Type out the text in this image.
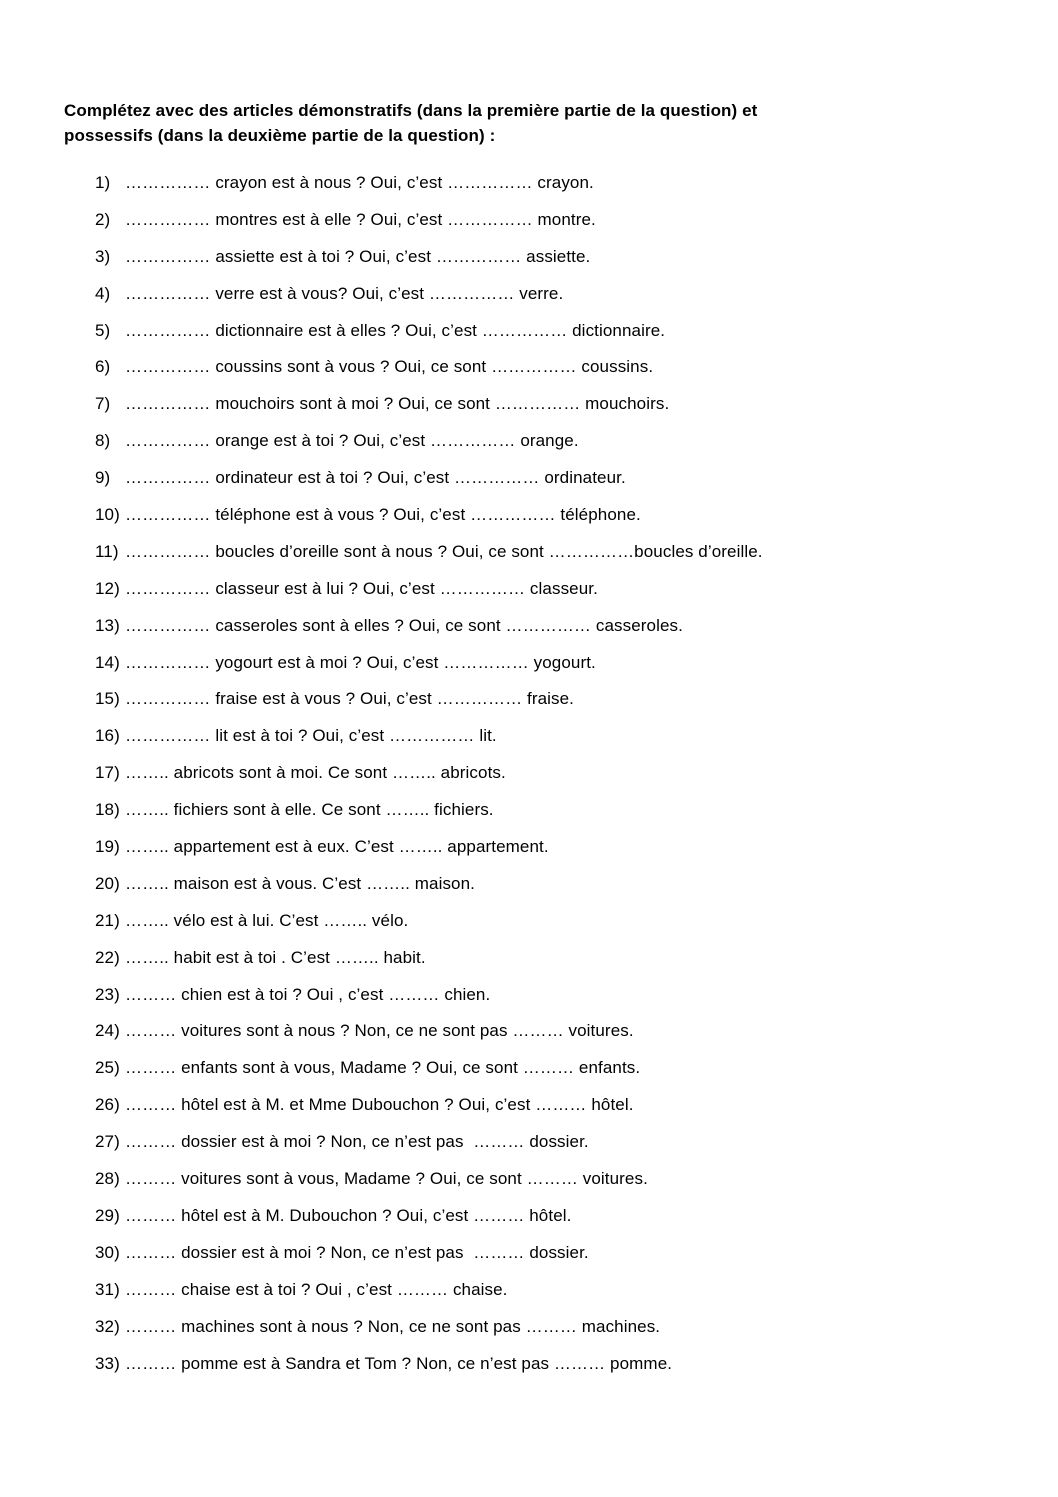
Complétez avec des articles démonstratifs (dans la première partie de la question) et
possessifs (dans la deuxième partie de la question) :

1) …………… crayon est à nous ? Oui, c’est …………… crayon.
2) …………… montres est à elle ? Oui, c’est …………… montre.
3) …………… assiette est à toi ? Oui, c’est …………… assiette.
4) …………… verre est à vous? Oui, c’est …………… verre.
5) …………… dictionnaire est à elles ? Oui, c’est …………… dictionnaire.
6) …………… coussins sont à vous ? Oui, ce sont …………… coussins.
7) …………… mouchoirs sont à moi ? Oui, ce sont …………… mouchoirs.
8) …………… orange est à toi ? Oui, c’est …………… orange.
9) …………… ordinateur est à toi ? Oui, c’est …………… ordinateur.
10) …………… téléphone est à vous ? Oui, c’est …………… téléphone.
11) …………… boucles d’oreille sont à nous ? Oui, ce sont ……………boucles d’oreille.
12) …………… classeur est à lui ? Oui, c’est …………… classeur.
13) …………… casseroles sont à elles ? Oui, ce sont …………… casseroles.
14) …………… yogourt est à moi ? Oui, c’est …………… yogourt.
15) …………… fraise est à vous ? Oui, c’est …………… fraise.
16) …………… lit est à toi ? Oui, c’est …………… lit.
17) …….. abricots sont à moi. Ce sont …….. abricots.
18) …….. fichiers sont à elle. Ce sont …….. fichiers.
19) …….. appartement est à eux. C’est …….. appartement.
20) …….. maison est à vous. C’est …….. maison.
21) …….. vélo est à lui. C’est …….. vélo.
22) …….. habit est à toi . C’est …….. habit.
23) ……… chien est à toi ? Oui , c’est ……… chien.
24) ……… voitures sont à nous ? Non, ce ne sont pas ……… voitures.
25) ……… enfants sont à vous, Madame ? Oui, ce sont ……… enfants.
26) ……… hôtel est à M. et Mme Dubouchon ? Oui, c’est ……… hôtel.
27) ……… dossier est à moi ? Non, ce n’est pas  ……… dossier.
28) ……… voitures sont à vous, Madame ? Oui, ce sont ……… voitures.
29) ……… hôtel est à M. Dubouchon ? Oui, c’est ……… hôtel.
30) ……… dossier est à moi ? Non, ce n’est pas  ……… dossier.
31) ……… chaise est à toi ? Oui , c’est ……… chaise.
32) ……… machines sont à nous ? Non, ce ne sont pas ……… machines.
33) ……… pomme est à Sandra et Tom ? Non, ce n’est pas ……… pomme.
